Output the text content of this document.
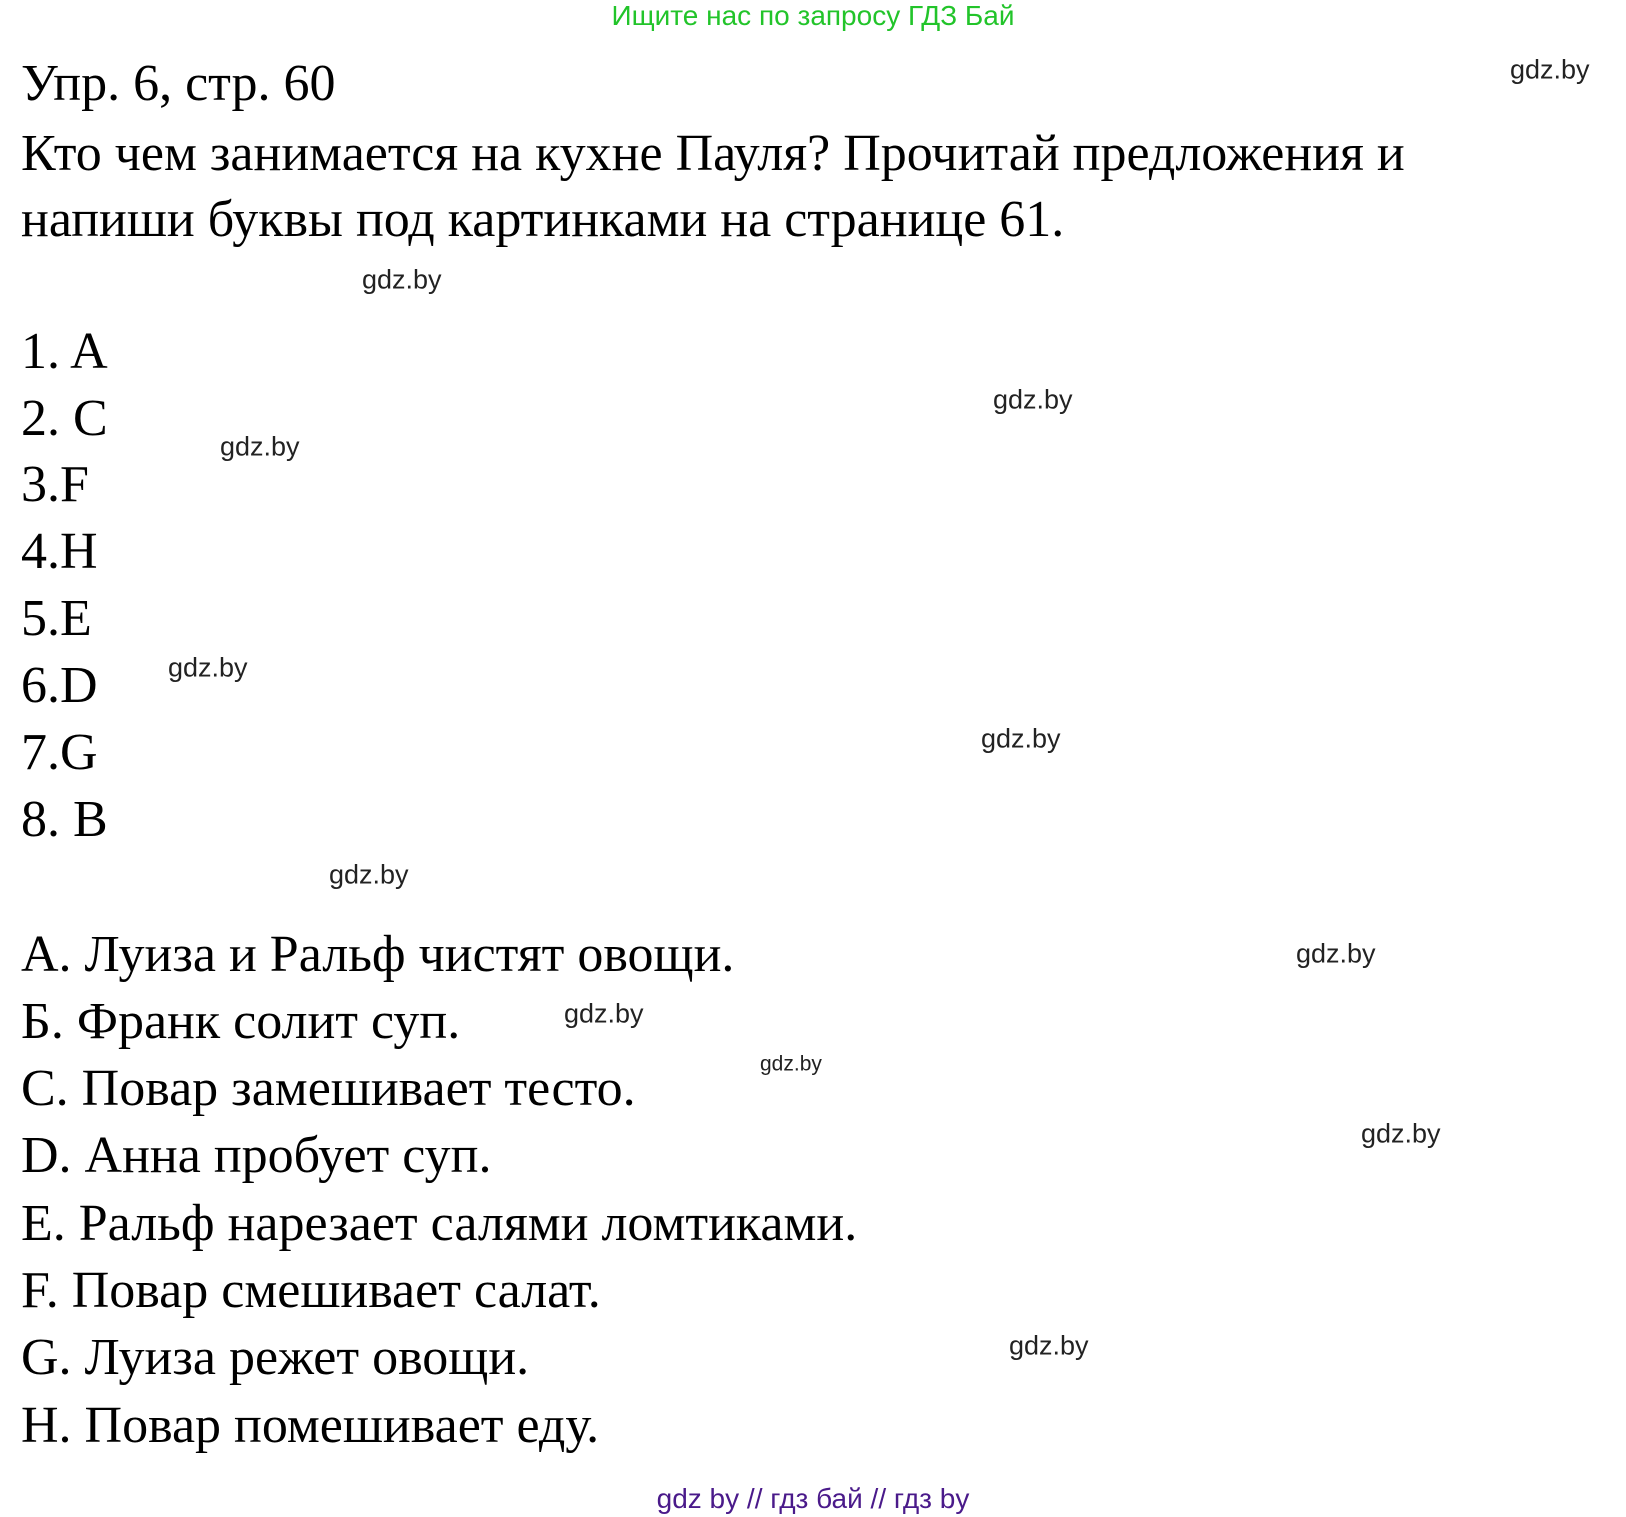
Ищите нас по запросу ГДЗ Бай
Упр. 6, стр. 60
Кто чем занимается на кухне Пауля? Прочитай предложения и
напиши буквы под картинками на странице 61.
1. A
2. C
3.F
4.H
5.E
6.D
7.G
8. B
A. Луиза и Ральф чистят овощи.
Б. Франк солит суп.
C. Повар замешивает тесто.
D. Анна пробует суп.
E. Ральф нарезает салями ломтиками.
F. Повар смешивает салат.
G. Луиза режет овощи.
H. Повар помешивает еду.
gdz.by
gdz.by
gdz.by
gdz.by
gdz.by
gdz.by
gdz.by
gdz.by
gdz.by
gdz.by
gdz.by
gdz.by
gdz by // гдз бай // гдз by
